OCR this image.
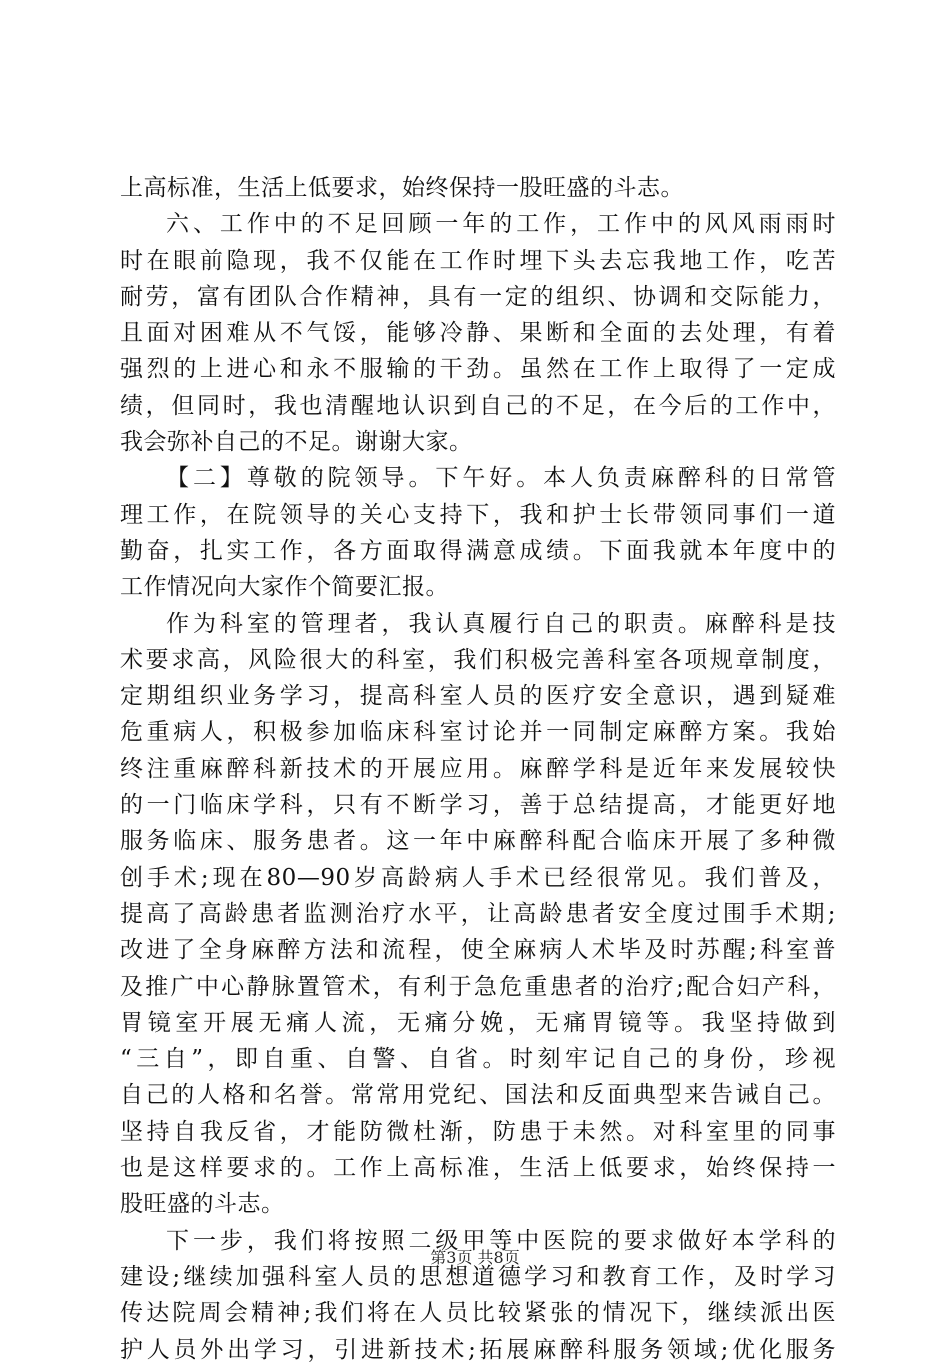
上高标准，生活上低要求，始终保持一股旺盛的斗志。
六、工作中的不足回顾一年的工作，工作中的风风雨雨时
时在眼前隐现，我不仅能在工作时埋下头去忘我地工作，吃苦
耐劳，富有团队合作精神，具有一定的组织、协调和交际能力，
且面对困难从不气馁，能够冷静、果断和全面的去处理，有着
强烈的上进心和永不服输的干劲。虽然在工作上取得了一定成
绩，但同时，我也清醒地认识到自己的不足，在今后的工作中，
我会弥补自己的不足。谢谢大家。
【二】尊敬的院领导。下午好。本人负责麻醉科的日常管
理工作，在院领导的关心支持下，我和护士长带领同事们一道
勤奋，扎实工作，各方面取得满意成绩。下面我就本年度中的
工作情况向大家作个简要汇报。
作为科室的管理者，我认真履行自己的职责。麻醉科是技
术要求高，风险很大的科室，我们积极完善科室各项规章制度，
定期组织业务学习，提高科室人员的医疗安全意识，遇到疑难
危重病人，积极参加临床科室讨论并一同制定麻醉方案。我始
终注重麻醉科新技术的开展应用。麻醉学科是近年来发展较快
的一门临床学科，只有不断学习，善于总结提高，才能更好地
服务临床、服务患者。这一年中麻醉科配合临床开展了多种微
创手术;现在80—90岁高龄病人手术已经很常见。我们普及，
提高了高龄患者监测治疗水平，让高龄患者安全度过围手术期;
改进了全身麻醉方法和流程，使全麻病人术毕及时苏醒;科室普
及推广中心静脉置管术，有利于急危重患者的治疗;配合妇产科，
胃镜室开展无痛人流，无痛分娩，无痛胃镜等。我坚持做到
“三自”，即自重、自警、自省。时刻牢记自己的身份，珍视
自己的人格和名誉。常常用党纪、国法和反面典型来告诫自己。
坚持自我反省，才能防微杜渐，防患于未然。对科室里的同事
也是这样要求的。工作上高标准，生活上低要求，始终保持一
股旺盛的斗志。
下一步，我们将按照二级甲等中医院的要求做好本学科的
建设;继续加强科室人员的思想道德学习和教育工作，及时学习
传达院周会精神;我们将在人员比较紧张的情况下，继续派出医
护人员外出学习，引进新技术;拓展麻醉科服务领域;优化服务
第3页 共8页
